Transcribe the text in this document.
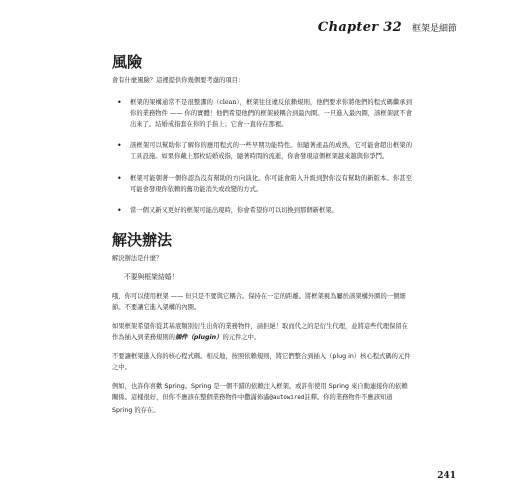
Chapter 32 框架是細節
風險

會有什麼風險？這裡提供你幾個要考慮的項目：

• 框架的架構通常不是很整潔的（clean），框架往往違反依賴規則，他們要求你將他們的程式碼繼承到你的業務物件 —— 你的實體！他們希望他們的框架被耦合到最內圈。一旦進入最內圈，該框架就不會出來了。結婚戒指套在你的手指上；它會一直待在那裡。
• 該框架可以幫助你了解你的應用程式的一些早期功能特性。但隨著產品的成熟，它可能會超出框架的工具設施。如果你戴上那枚結婚戒指，隨著時間的流逝，你會發現這個框架越來越與你爭鬥。
• 框架可能朝著一個你認為沒有幫助的方向演化。你可能會陷入升級到對你沒有幫助的新版本。你甚至可能會發現你依賴的舊功能消失或改變的方式。
• 當一個又新又更好的框架可能出現時，你會希望你可以切換到那個新框架。
解決辦法

解決辦法是什麼？

不要與框架結婚！

哦，你可以使用框架 —— 但只是不要與它耦合。保持在一定的距離。將框架視為屬於該架構外圈的一個細節。不要讓它進入架構的內圈。

如果框架希望你從其基底類別衍生出你的業務物件，請拒絕！取而代之的是衍生代理，並將這些代理保留在作為插入到業務規則的插件（plugin）的元件之中。

不要讓框架進入你的核心程式碼。相反地，按照依賴規則，將它們整合到插入（plug in）核心程式碼的元件之中。

例如，也許你喜歡 Spring。Spring 是一個不錯的依賴注入框架。或許你使用 Spring 來自動連接你的依賴關係。這樣很好，但你不應該在整個業務物件中撒滿佈滿@autowired註釋。你的業務物件不應該知道 Spring 的存在。

241
